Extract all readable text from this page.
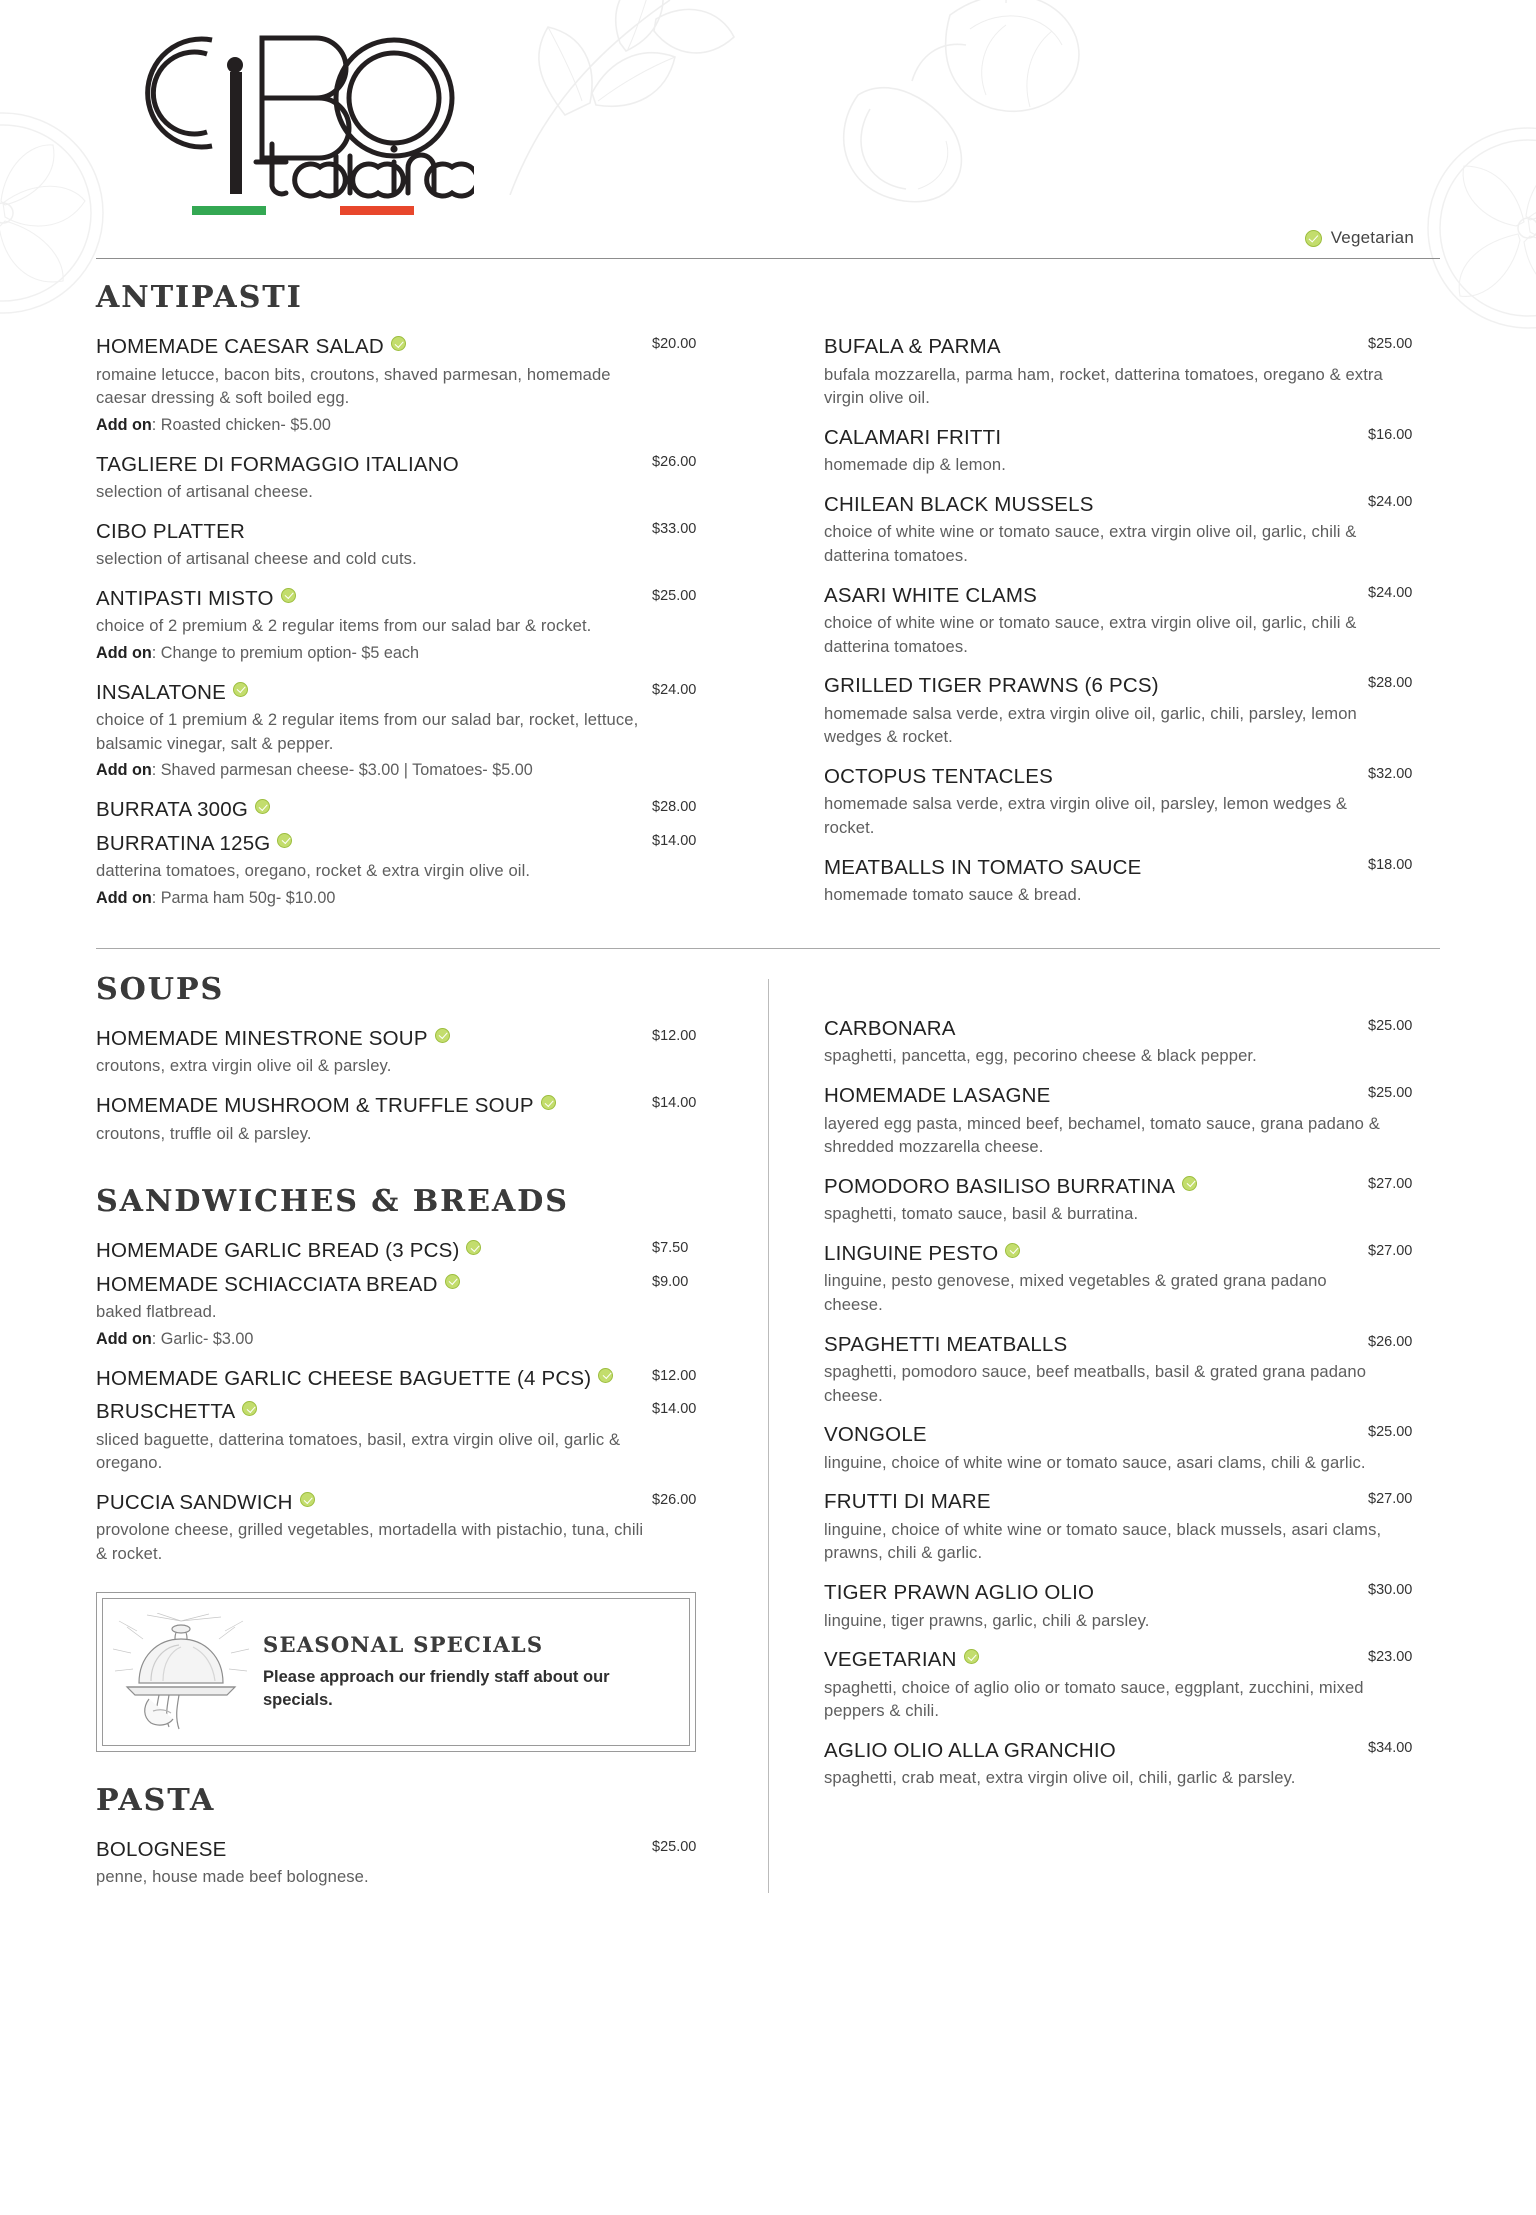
Vegetarian
ANTIPASTI
HOMEMADE CAESAR SALAD	$20.00
romaine letucce, bacon bits, croutons, shaved parmesan, homemade caesar dressing & soft boiled egg.
Add on: Roasted chicken- $5.00
TAGLIERE DI FORMAGGIO ITALIANO	$26.00
selection of artisanal cheese.
CIBO PLATTER	$33.00
selection of artisanal cheese and cold cuts.
ANTIPASTI MISTO	$25.00
choice of 2 premium & 2 regular items from our salad bar & rocket.
Add on: Change to premium option- $5 each
INSALATONE	$24.00
choice of 1 premium & 2 regular items from our salad bar, rocket, lettuce, balsamic vinegar, salt & pepper.
Add on: Shaved parmesan cheese- $3.00 | Tomatoes- $5.00
BURRATA 300G	$28.00
BURRATINA 125G	$14.00
datterina tomatoes, oregano, rocket & extra virgin olive oil.
Add on: Parma ham 50g- $10.00
BUFALA & PARMA	$25.00
bufala mozzarella, parma ham, rocket, datterina tomatoes, oregano & extra virgin olive oil.
CALAMARI FRITTI	$16.00
homemade dip & lemon.
CHILEAN BLACK MUSSELS	$24.00
choice of white wine or tomato sauce, extra virgin olive oil, garlic, chili & datterina tomatoes.
ASARI WHITE CLAMS	$24.00
choice of white wine or tomato sauce, extra virgin olive oil, garlic, chili & datterina tomatoes.
GRILLED TIGER PRAWNS (6 PCS)	$28.00
homemade salsa verde, extra virgin olive oil, garlic, chili, parsley, lemon wedges & rocket.
OCTOPUS TENTACLES	$32.00
homemade salsa verde, extra virgin olive oil, parsley, lemon wedges & rocket.
MEATBALLS IN TOMATO SAUCE	$18.00
homemade tomato sauce & bread.
SOUPS
HOMEMADE MINESTRONE SOUP	$12.00
croutons, extra virgin olive oil & parsley.
HOMEMADE MUSHROOM & TRUFFLE SOUP	$14.00
croutons, truffle oil & parsley.
SANDWICHES & BREADS
HOMEMADE GARLIC BREAD (3 PCS)	$7.50
HOMEMADE SCHIACCIATA BREAD	$9.00
baked flatbread.
Add on: Garlic- $3.00
HOMEMADE GARLIC CHEESE BAGUETTE (4 PCS)	$12.00
BRUSCHETTA	$14.00
sliced baguette, datterina tomatoes, basil, extra virgin olive oil, garlic & oregano.
PUCCIA SANDWICH	$26.00
provolone cheese, grilled vegetables, mortadella with pistachio, tuna, chili & rocket.
SEASONAL SPECIALS
Please approach our friendly staff about our specials.
PASTA
BOLOGNESE	$25.00
penne, house made beef bolognese.
CARBONARA	$25.00
spaghetti, pancetta, egg, pecorino cheese & black pepper.
HOMEMADE LASAGNE	$25.00
layered egg pasta, minced beef, bechamel, tomato sauce, grana padano & shredded mozzarella cheese.
POMODORO BASILISO BURRATINA	$27.00
spaghetti, tomato sauce, basil & burratina.
LINGUINE PESTO	$27.00
linguine, pesto genovese, mixed vegetables & grated grana padano cheese.
SPAGHETTI MEATBALLS	$26.00
spaghetti, pomodoro sauce, beef meatballs, basil & grated grana padano cheese.
VONGOLE	$25.00
linguine, choice of white wine or tomato sauce, asari clams, chili & garlic.
FRUTTI DI MARE	$27.00
linguine, choice of white wine or tomato sauce, black mussels, asari clams, prawns, chili & garlic.
TIGER PRAWN AGLIO OLIO	$30.00
linguine, tiger prawns, garlic, chili & parsley.
VEGETARIAN	$23.00
spaghetti, choice of aglio olio or tomato sauce, eggplant, zucchini, mixed peppers & chili.
AGLIO OLIO ALLA GRANCHIO	$34.00
spaghetti, crab meat, extra virgin olive oil, chili, garlic & parsley.
